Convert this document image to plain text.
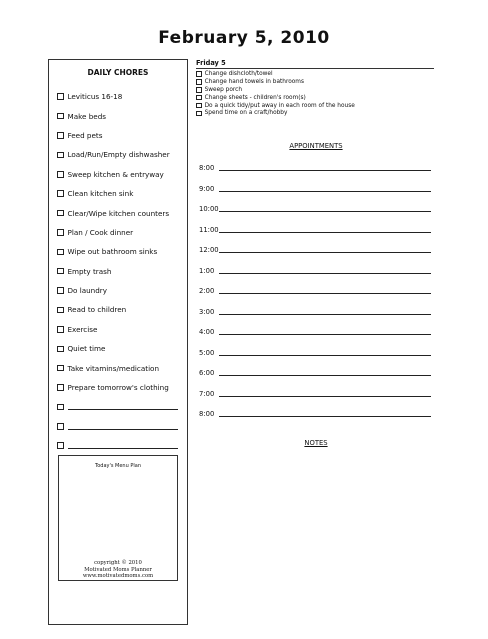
February 5, 2010
DAILY CHORES
Leviticus 16-18
Make beds
Feed pets
Load/Run/Empty dishwasher
Sweep kitchen & entryway
Clean kitchen sink
Clear/Wipe kitchen counters
Plan / Cook dinner
Wipe out bathroom sinks
Empty trash
Do laundry
Read to children
Exercise
Quiet time
Take vitamins/medication
Prepare tomorrow's clothing
Today's Menu Plan
copyright © 2010
Motivated Moms Planner
www.motivatedmoms.com
Friday 5
Change dishcloth/towel
Change hand towels in bathrooms
Sweep porch
Change sheets - children's room(s)
Do a quick tidy/put away in each room of the house
Spend time on a craft/hobby
APPOINTMENTS
8:00
9:00
10:00
11:00
12:00
1:00
2:00
3:00
4:00
5:00
6:00
7:00
8:00
NOTES
